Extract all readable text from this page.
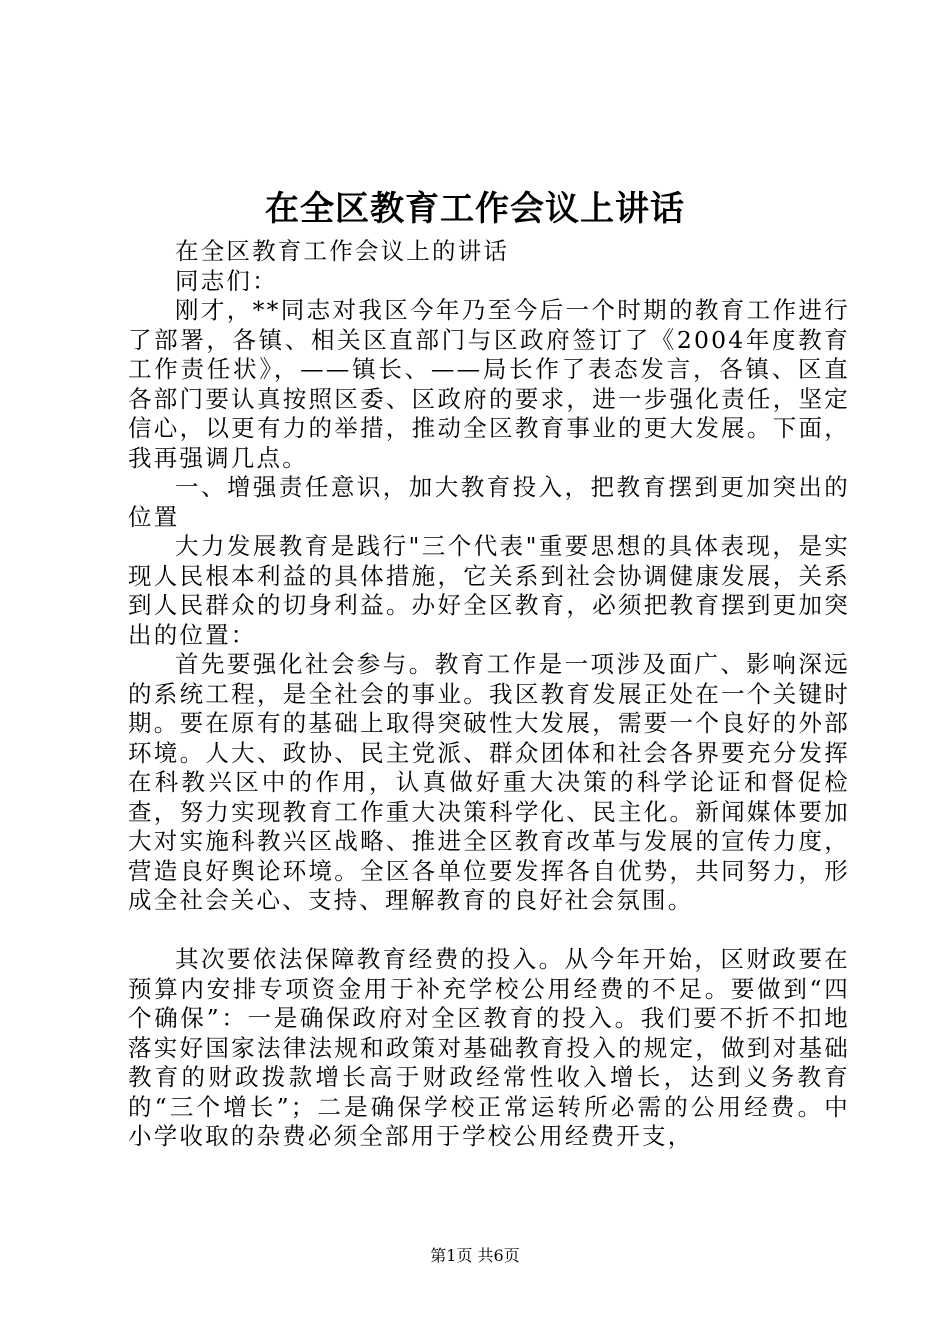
在全区教育工作会议上讲话

在全区教育工作会议上的讲话

同志们：

刚才，**同志对我区今年乃至今后一个时期的教育工作进行了部署，各镇、相关区直部门与区政府签订了《2004年度教育工作责任状》，——镇长、——局长作了表态发言，各镇、区直各部门要认真按照区委、区政府的要求，进一步强化责任，坚定信心，以更有力的举措，推动全区教育事业的更大发展。下面，我再强调几点。

一、增强责任意识，加大教育投入，把教育摆到更加突出的位置

大力发展教育是践行"三个代表"重要思想的具体表现，是实现人民根本利益的具体措施，它关系到社会协调健康发展，关系到人民群众的切身利益。办好全区教育，必须把教育摆到更加突出的位置：

首先要强化社会参与。教育工作是一项涉及面广、影响深远的系统工程，是全社会的事业。我区教育发展正处在一个关键时期。要在原有的基础上取得突破性大发展，需要一个良好的外部环境。人大、政协、民主党派、群众团体和社会各界要充分发挥在科教兴区中的作用，认真做好重大决策的科学论证和督促检查，努力实现教育工作重大决策科学化、民主化。新闻媒体要加大对实施科教兴区战略、推进全区教育改革与发展的宣传力度，营造良好舆论环境。全区各单位要发挥各自优势，共同努力，形成全社会关心、支持、理解教育的良好社会氛围。

其次要依法保障教育经费的投入。从今年开始，区财政要在预算内安排专项资金用于补充学校公用经费的不足。要做到“四个确保”：一是确保政府对全区教育的投入。我们要不折不扣地落实好国家法律法规和政策对基础教育投入的规定，做到对基础教育的财政拨款增长高于财政经常性收入增长，达到义务教育的“三个增长”；二是确保学校正常运转所必需的公用经费。中小学收取的杂费必须全部用于学校公用经费开支，

第1页 共6页
